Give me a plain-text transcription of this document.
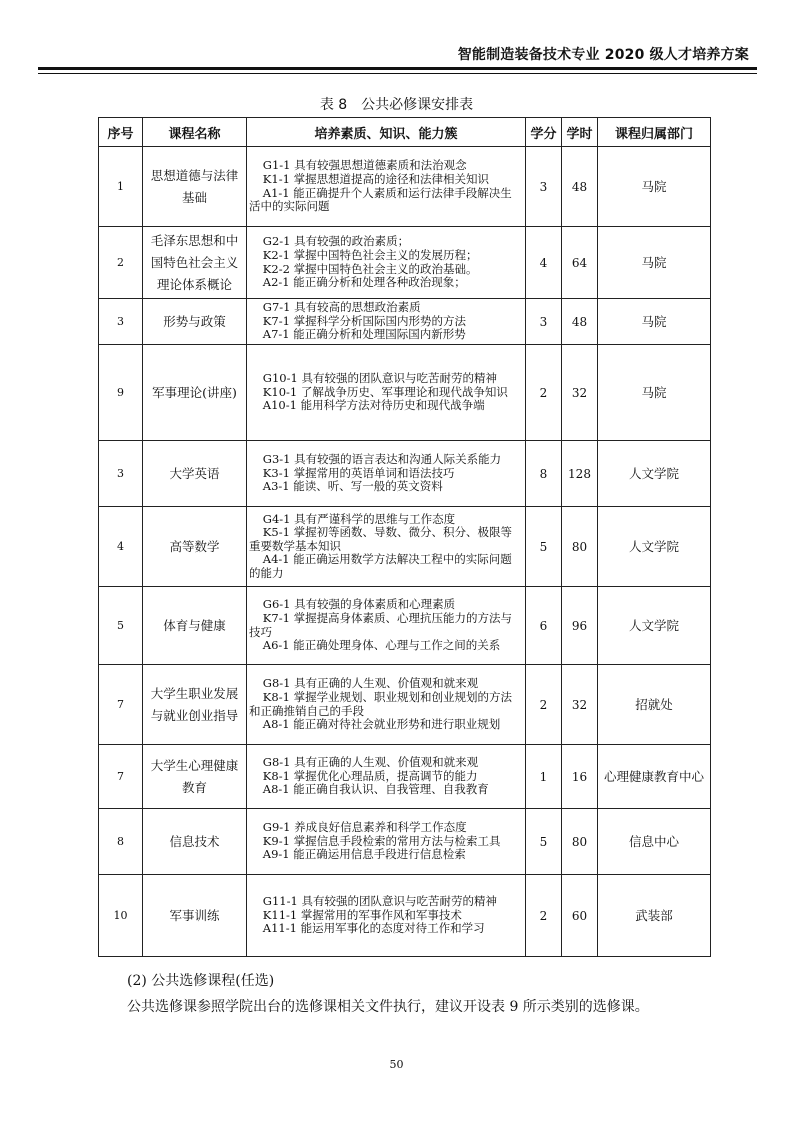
智能制造装备技术专业 2020 级人才培养方案
表 8　公共必修课安排表
序号	课程名称	培养素质、知识、能力簇	学分	学时	课程归属部门
1	思想道德与法律基础	G1-1 具有较强思想道德素质和法治观念
K1-1 掌握思想道提高的途径和法律相关知识
A1-1 能正确提升个人素质和运行法律手段解决生活中的实际问题	3	48	马院
2	毛泽东思想和中国特色社会主义理论体系概论	G2-1 具有较强的政治素质；
K2-1 掌握中国特色社会主义的发展历程；
K2-2 掌握中国特色社会主义的政治基础。
A2-1 能正确分析和处理各种政治现象；	4	64	马院
3	形势与政策	G7-1 具有较高的思想政治素质
K7-1 掌握科学分析国际国内形势的方法
A7-1 能正确分析和处理国际国内新形势	3	48	马院
9	军事理论(讲座)	G10-1 具有较强的团队意识与吃苦耐劳的精神
K10-1 了解战争历史、军事理论和现代战争知识
A10-1 能用科学方法对待历史和现代战争端	2	32	马院
3	大学英语	G3-1 具有较强的语言表达和沟通人际关系能力
K3-1 掌握常用的英语单词和语法技巧
A3-1 能读、听、写一般的英文资料	8	128	人文学院
4	高等数学	G4-1 具有严谨科学的思维与工作态度
K5-1 掌握初等函数、导数、微分、积分、极限等重要数学基本知识
A4-1 能正确运用数学方法解决工程中的实际问题的能力	5	80	人文学院
5	体育与健康	G6-1 具有较强的身体素质和心理素质
K7-1 掌握提高身体素质、心理抗压能力的方法与技巧
A6-1 能正确处理身体、心理与工作之间的关系	6	96	人文学院
7	大学生职业发展与就业创业指导	G8-1 具有正确的人生观、价值观和就来观
K8-1 掌握学业规划、职业规划和创业规划的方法和正确推销自己的手段
A8-1 能正确对待社会就业形势和进行职业规划	2	32	招就处
7	大学生心理健康教育	G8-1 具有正确的人生观、价值观和就来观
K8-1 掌握优化心理品质，提高调节的能力
A8-1 能正确自我认识、自我管理、自我教育	1	16	心理健康教育中心
8	信息技术	G9-1 养成良好信息素养和科学工作态度
K9-1 掌握信息手段检索的常用方法与检索工具
A9-1 能正确运用信息手段进行信息检索	5	80	信息中心
10	军事训练	G11-1 具有较强的团队意识与吃苦耐劳的精神
K11-1 掌握常用的军事作风和军事技术
A11-1 能运用军事化的态度对待工作和学习	2	60	武装部
(2) 公共选修课程(任选)
公共选修课参照学院出台的选修课相关文件执行，建议开设表 9 所示类别的选修课。
50
